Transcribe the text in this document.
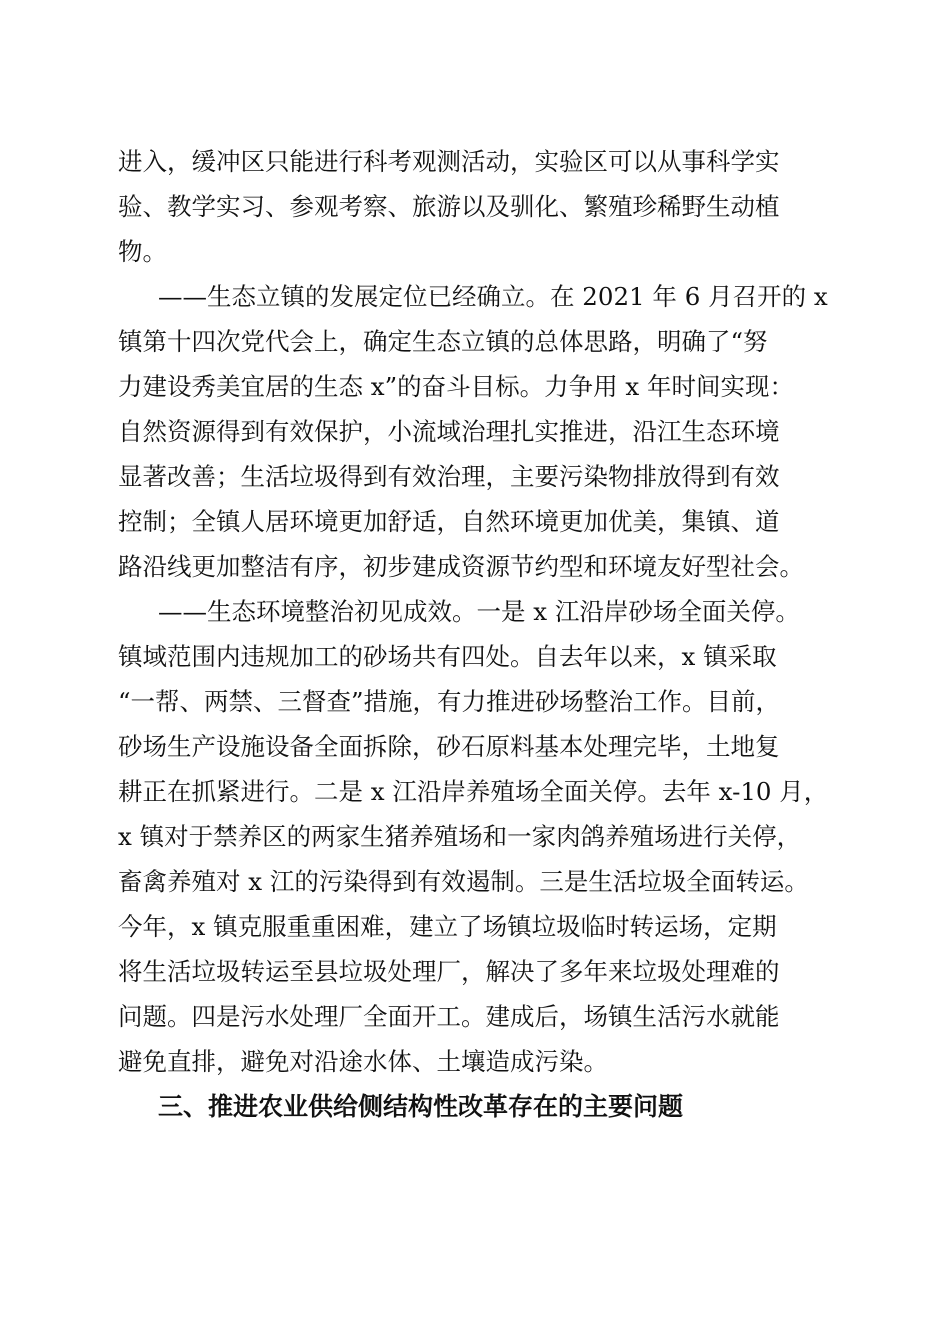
进入，缓冲区只能进行科考观测活动，实验区可以从事科学实
验、教学实习、参观考察、旅游以及驯化、繁殖珍稀野生动植
物。
——生态立镇的发展定位已经确立。在 2021 年 6 月召开的 x
镇第十四次党代会上，确定生态立镇的总体思路，明确了“努
力建设秀美宜居的生态 x”的奋斗目标。力争用 x 年时间实现：
自然资源得到有效保护，小流域治理扎实推进，沿江生态环境
显著改善；生活垃圾得到有效治理，主要污染物排放得到有效
控制；全镇人居环境更加舒适，自然环境更加优美，集镇、道
路沿线更加整洁有序，初步建成资源节约型和环境友好型社会。
——生态环境整治初见成效。一是 x 江沿岸砂场全面关停。
镇域范围内违规加工的砂场共有四处。自去年以来，x 镇采取
“一帮、两禁、三督查”措施，有力推进砂场整治工作。目前，
砂场生产设施设备全面拆除，砂石原料基本处理完毕，土地复
耕正在抓紧进行。二是 x 江沿岸养殖场全面关停。去年 x-10 月，
x 镇对于禁养区的两家生猪养殖场和一家肉鸽养殖场进行关停，
畜禽养殖对 x 江的污染得到有效遏制。三是生活垃圾全面转运。
今年，x 镇克服重重困难，建立了场镇垃圾临时转运场，定期
将生活垃圾转运至县垃圾处理厂，解决了多年来垃圾处理难的
问题。四是污水处理厂全面开工。建成后，场镇生活污水就能
避免直排，避免对沿途水体、土壤造成污染。
三、推进农业供给侧结构性改革存在的主要问题
